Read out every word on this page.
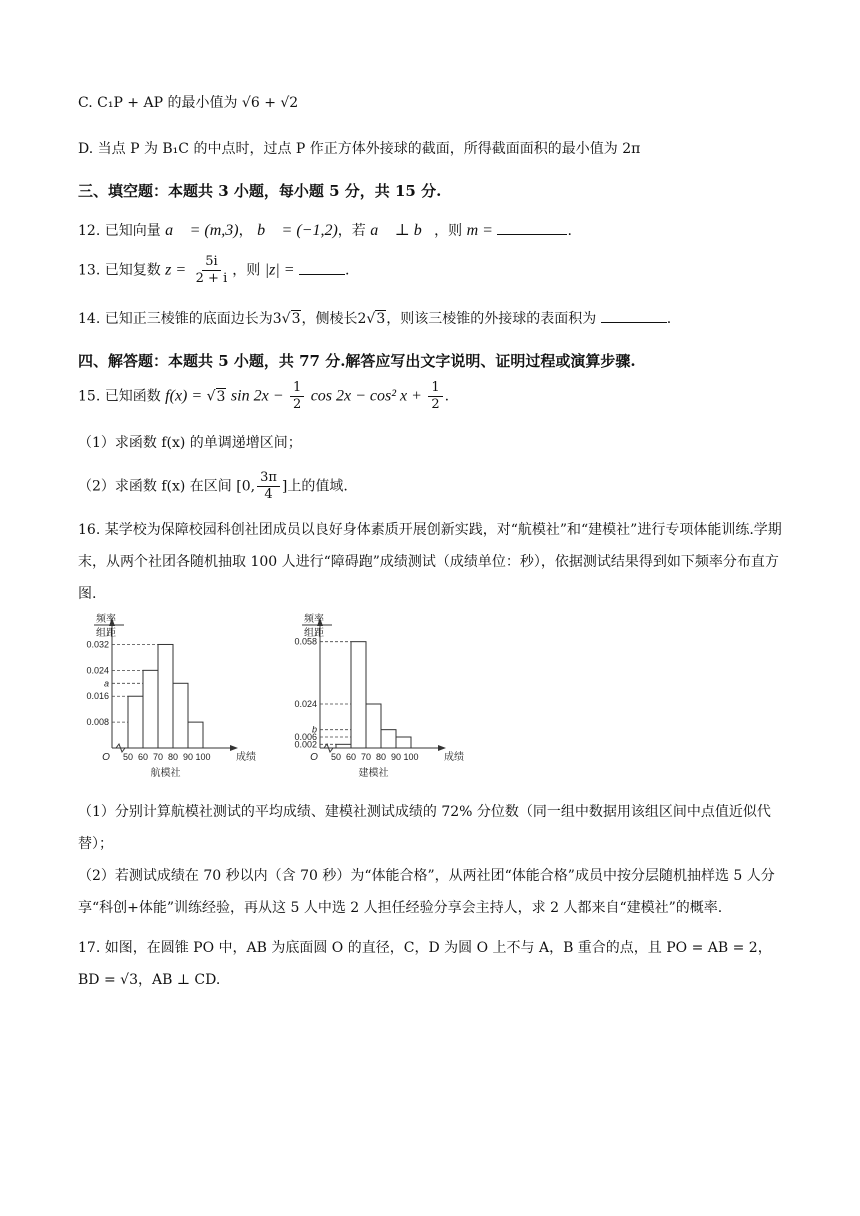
C. C₁P + AP 的最小值为 √6 + √2
D. 当点 P 为 B₁C 的中点时，过点 P 作正方体外接球的截面，所得截面面积的最小值为 2π
三、填空题：本题共 3 小题，每小题 5 分，共 15 分.
12. 已知向量 a⃗ = (m,3)， b⃗ = (−1,2)，若 a⃗ ⊥ b⃗，则 m =	.
13. 已知复数 $z = \frac{5i}{2 + i}$ ，则 |z| =	.
14. 已知正三棱锥的底面边长为3√3，侧棱长2√3，则该三棱锥的外接球的表面积为	.
四、解答题：本题共 5 小题，共 77 分.解答应写出文字说明、证明过程或演算步骤.
15. 已知函数 f(x) = √3 $\sin 2x - \frac{1}{2}$ cos 2x − cos² $x + \frac{1}{2}$ .
（1）求函数 f(x) 的单调递增区间；
（2）求函数 f(x) 在区间 [0, $\frac{3\pi}{4}$ ]上的值域.
16. 某学校为保障校园科创社团成员以良好身体素质开展创新实践，对“航模社”和“建模社”进行专项体能训练.学期末，从两个社团各随机抽取 100 人进行“障碍跑”成绩测试（成绩单位：秒），依据测试结果得到如下频率分布直方图.
频率
组距
0.032
0.024
a
0.016
0.008
50 60 70 80 90 100
O	成绩
航模社
频率
组距
0.058
0.024
b
0.006
0.002
50 60 70 80 90 100
O	成绩
建模社
（1）分别计算航模社测试的平均成绩、建模社测试成绩的 72% 分位数（同一组中数据用该组区间中点值近似代替）；
（2）若测试成绩在 70 秒以内（含 70 秒）为“体能合格”，从两社团“体能合格”成员中按分层随机抽样选 5 人分享“科创+体能”训练经验，再从这 5 人中选 2 人担任经验分享会主持人，求 2 人都来自“建模社”的概率.
17. 如图，在圆锥 PO 中，AB 为底面圆 O 的直径，C，D 为圆 O 上不与 A，B 重合的点，且 PO = AB = 2， BD = √3，AB ⊥ CD.
